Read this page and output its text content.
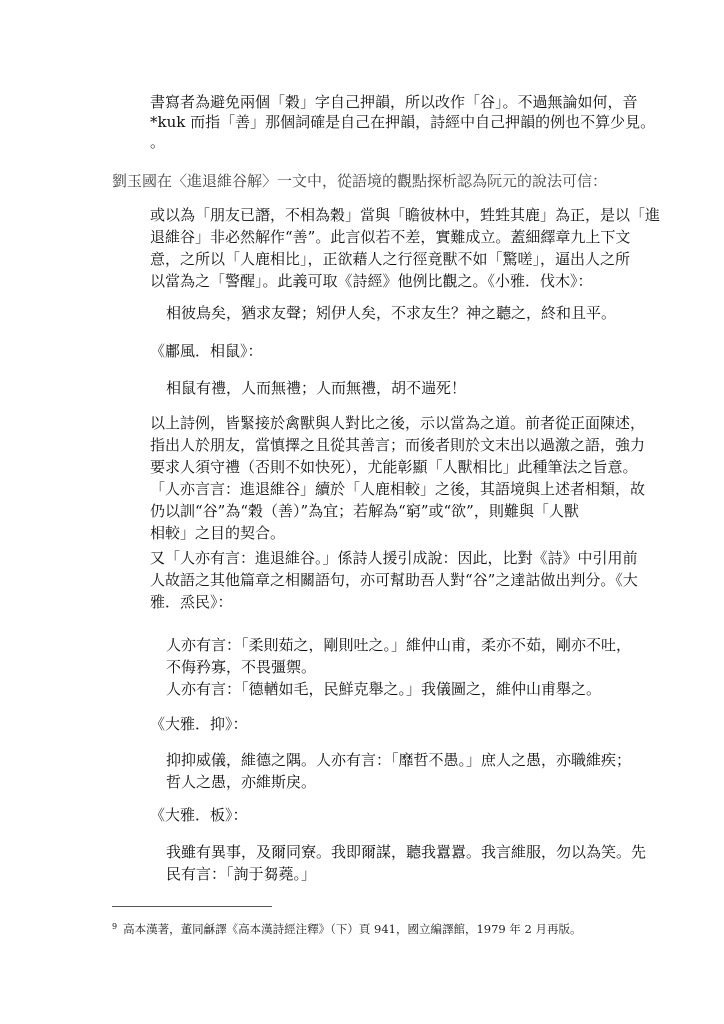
書寫者為避免兩個「穀」字自己押韻，所以改作「谷」。不過無論如何，音
*kuk 而指「善」那個詞確是自己在押韻，詩經中自己押韻的例也不算少見。
。
劉玉國在〈進退維谷解〉一文中，從語境的觀點探析認為阮元的說法可信：
或以為「朋友已譖，不相為穀」當與「瞻彼林中，甡甡其鹿」為正，是以「進
退維谷」非必然解作“善”。此言似若不差，實難成立。蓋細繹章九上下文
意，之所以「人鹿相比」，正欲藉人之行徑竟獸不如「驚嗟」，逼出人之所
以當為之「警醒」。此義可取《詩經》他例比觀之。《小雅．伐木》：
相彼鳥矣，猶求友聲；矧伊人矣，不求友生？神之聽之，終和且平。
《鄘風．相鼠》：
相鼠有禮，人而無禮；人而無禮，胡不遄死！
以上詩例，皆緊接於禽獸與人對比之後，示以當為之道。前者從正面陳述，
指出人於朋友，當慎擇之且從其善言；而後者則於文末出以過激之語，強力
要求人須守禮（否則不如快死），尤能彰顯「人獸相比」此種筆法之旨意。
「人亦言言：進退維谷」續於「人鹿相較」之後，其語境與上述者相類，故
仍以訓“谷”為“穀（善）”為宜；若解為“窮”或“欲”，則難與「人獸
相較」之目的契合。
又「人亦有言：進退維谷。」係詩人援引成說：因此，比對《詩》中引用前
人故語之其他篇章之相關語句，亦可幫助吾人對“谷”之達詁做出判分。《大
雅．烝民》：
人亦有言：「柔則茹之，剛則吐之。」維仲山甫，柔亦不茹，剛亦不吐，
不侮矜寡，不畏彊禦。
人亦有言：「德輶如毛，民鮮克舉之。」我儀圖之，維仲山甫舉之。
《大雅．抑》：
抑抑威儀，維德之隅。人亦有言：「靡哲不愚。」庶人之愚，亦職維疾；
哲人之愚，亦維斯戾。
《大雅．板》：
我雖有異事，及爾同寮。我即爾謀，聽我囂囂。我言維服，勿以為笑。先
民有言：「詢于芻蕘。」
$^9$ 高本漢著，董同龢譯《高本漢詩經注釋》（下）頁 941，國立編譯館，1979 年 2 月再版。
